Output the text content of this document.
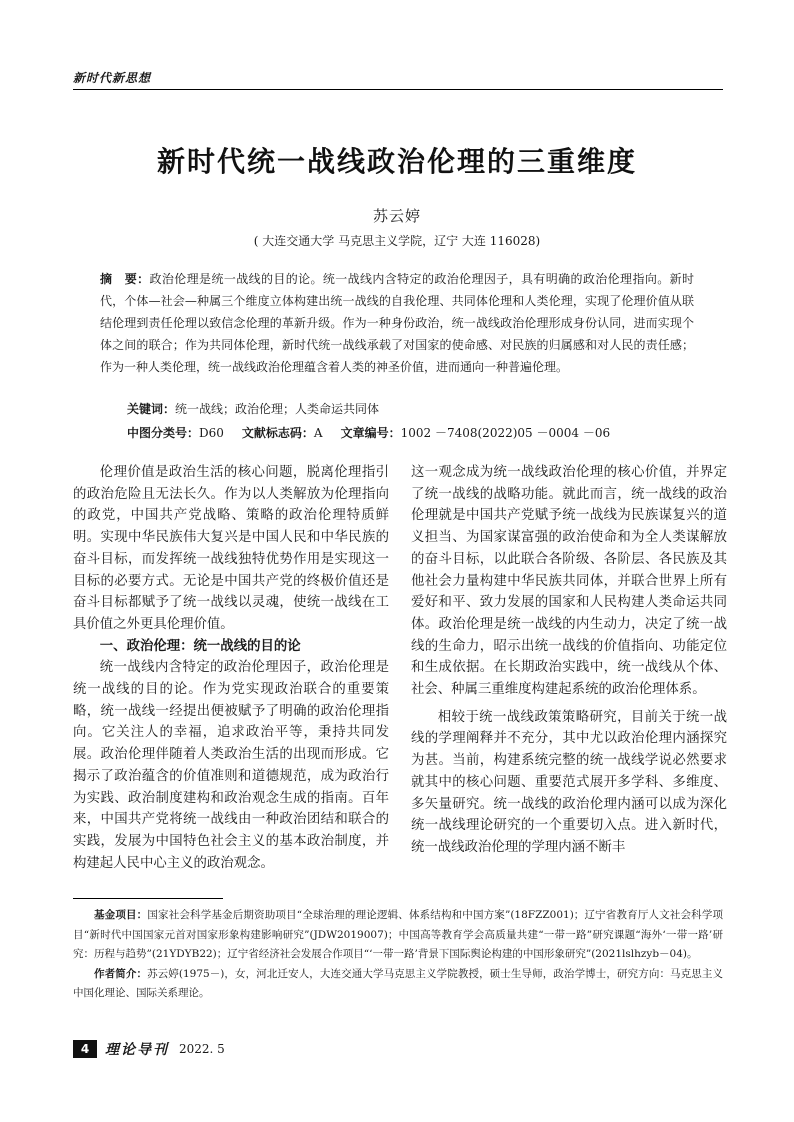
新时代新思想
新时代统一战线政治伦理的三重维度
苏云婷
( 大连交通大学 马克思主义学院，辽宁 大连 116028)
摘　要：政治伦理是统一战线的目的论。统一战线内含特定的政治伦理因子，具有明确的政治伦理指向。新时代，个体—社会—种属三个维度立体构建出统一战线的自我伦理、共同体伦理和人类伦理，实现了伦理价值从联结伦理到责任伦理以致信念伦理的革新升级。作为一种身份政治，统一战线政治伦理形成身份认同，进而实现个体之间的联合；作为共同体伦理，新时代统一战线承载了对国家的使命感、对民族的归属感和对人民的责任感；作为一种人类伦理，统一战线政治伦理蕴含着人类的神圣价值，进而通向一种普遍伦理。
关键词：统一战线；政治伦理；人类命运共同体
中图分类号：D60 文献标志码：A 文章编号：1002 －7408(2022)05 －0004 －06

伦理价值是政治生活的核心问题，脱离伦理指引的政治危险且无法长久。作为以人类解放为伦理指向的政党，中国共产党战略、策略的政治伦理特质鲜明。实现中华民族伟大复兴是中国人民和中华民族的奋斗目标，而发挥统一战线独特优势作用是实现这一目标的必要方式。无论是中国共产党的终极价值还是奋斗目标都赋予了统一战线以灵魂，使统一战线在工具价值之外更具伦理价值。

一、政治伦理：统一战线的目的论

统一战线内含特定的政治伦理因子，政治伦理是统一战线的目的论。作为党实现政治联合的重要策略，统一战线一经提出便被赋予了明确的政治伦理指向。它关注人的幸福，追求政治平等，秉持共同发展。政治伦理伴随着人类政治生活的出现而形成。它揭示了政治蕴含的价值准则和道德规范，成为政治行为实践、政治制度建构和政治观念生成的指南。百年来，中国共产党将统一战线由一种政治团结和联合的实践，发展为中国特色社会主义的基本政治制度，并构建起人民中心主义的政治观念。

这一观念成为统一战线政治伦理的核心价值，并界定了统一战线的战略功能。就此而言，统一战线的政治伦理就是中国共产党赋予统一战线为民族谋复兴的道义担当、为国家谋富强的政治使命和为全人类谋解放的奋斗目标，以此联合各阶级、各阶层、各民族及其他社会力量构建中华民族共同体，并联合世界上所有爱好和平、致力发展的国家和人民构建人类命运共同体。政治伦理是统一战线的内生动力，决定了统一战线的生命力，昭示出统一战线的价值指向、功能定位和生成依据。在长期政治实践中，统一战线从个体、社会、种属三重维度构建起系统的政治伦理体系。

相较于统一战线政策策略研究，目前关于统一战线的学理阐释并不充分，其中尤以政治伦理内涵探究为甚。当前，构建系统完整的统一战线学说必然要求就其中的核心问题、重要范式展开多学科、多维度、多矢量研究。统一战线的政治伦理内涵可以成为深化统一战线理论研究的一个重要切入点。进入新时代，统一战线政治伦理的学理内涵不断丰

基金项目：国家社会科学基金后期资助项目“全球治理的理论逻辑、体系结构和中国方案”(18FZZ001)；辽宁省教育厅人文社会科学项目“新时代中国国家元首对国家形象构建影响研究”(JDW2019007)；中国高等教育学会高质量共建“一带一路”研究课题“海外‘一带一路’研究：历程与趋势”(21YDYB22)；辽宁省经济社会发展合作项目“‘一带一路’背景下国际舆论构建的中国形象研究”(2021lslhzyb－04)。

作者简介：苏云婷(1975－)，女，河北迁安人，大连交通大学马克思主义学院教授，硕士生导师，政治学博士，研究方向：马克思主义中国化理论、国际关系理论。

4	理论导刊 2022. 5
